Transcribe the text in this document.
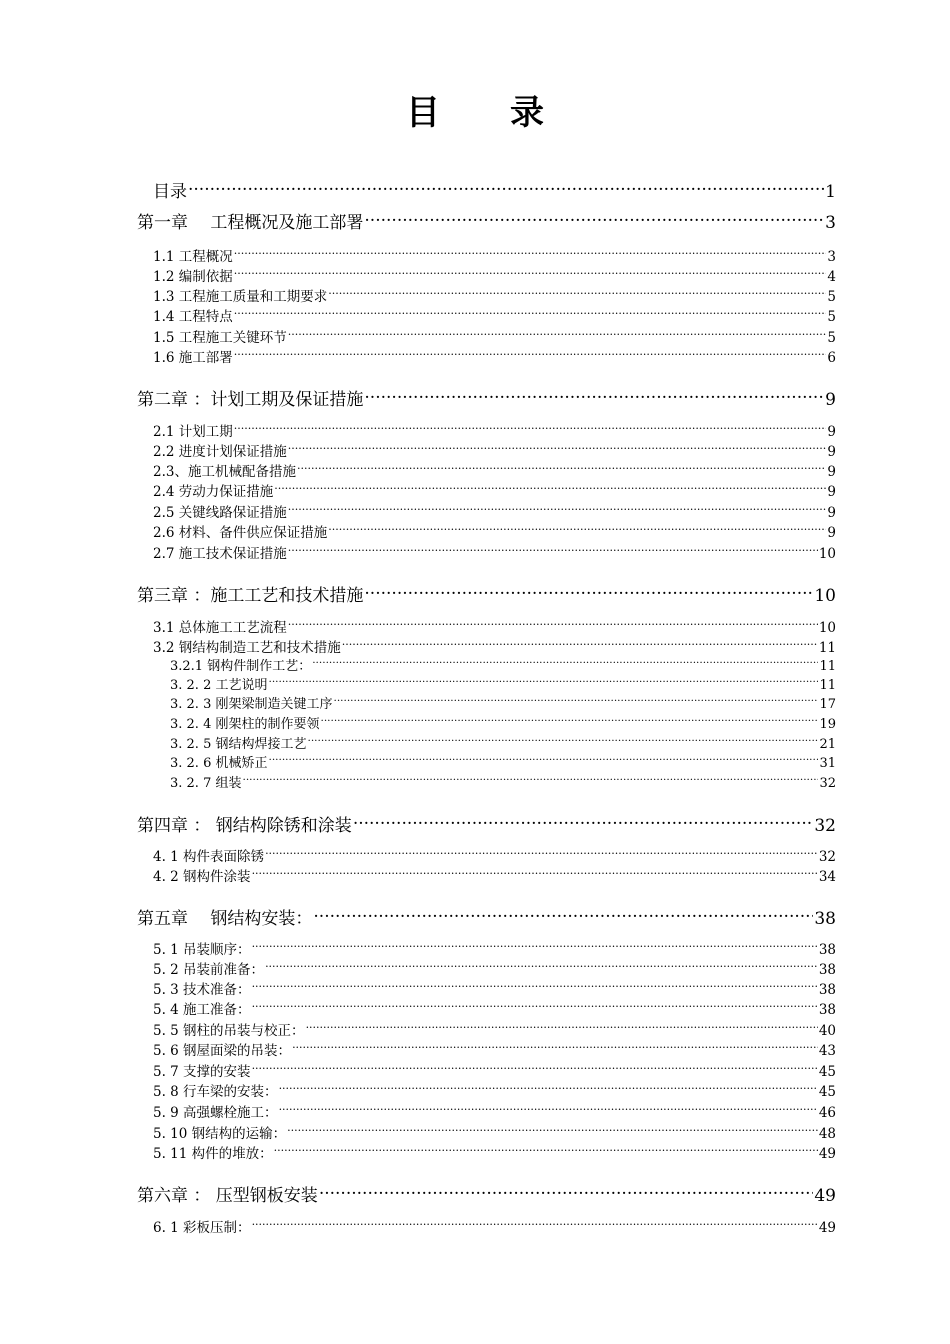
目 录
目录 .....	1
第一章　 工程概况及施工部署 .....	3
1.1 工程概况 .....	3
1.2 编制依据 .....	4
1.3 工程施工质量和工期要求 .....	5
1.4 工程特点 .....	5
1.5 工程施工关键环节 .....	5
1.6 施工部署 .....	6
第二章 ：计划工期及保证措施 .....	9
2.1 计划工期 .....	9
2.2 进度计划保证措施 .....	9
2.3、施工机械配备措施 .....	9
2.4 劳动力保证措施 .....	9
2.5 关键线路保证措施 .....	9
2.6 材料、备件供应保证措施 .....	9
2.7 施工技术保证措施 .....	10
第三章 ：施工工艺和技术措施 .....	10
3.1 总体施工工艺流程 .....	10
3.2 钢结构制造工艺和技术措施 .....	11
3.2.1 钢构件制作工艺： .....	11
3. 2. 2 工艺说明 .....	11
3. 2. 3 刚架梁制造关键工序 .....	17
3. 2. 4 刚架柱的制作要领 .....	19
3. 2. 5 钢结构焊接工艺 .....	21
3. 2. 6 机械矫正 .....	31
3. 2. 7 组装 .....	32
第四章 ： 钢结构除锈和涂装 .....	32
4. 1 构件表面除锈 .....	32
4. 2 钢构件涂装 .....	34
第五章　 钢结构安装： .....	38
5. 1 吊装顺序： .....	38
5. 2 吊装前准备： .....	38
5. 3 技术准备： .....	38
5. 4 施工准备： .....	38
5. 5 钢柱的吊装与校正： .....	40
5. 6 钢屋面梁的吊装： .....	43
5. 7 支撑的安装 .....	45
5. 8 行车梁的安装： .....	45
5. 9 高强螺栓施工： .....	46
5. 10 钢结构的运输： .....	48
5. 11 构件的堆放： .....	49
第六章 ： 压型钢板安装 .....	49
6. 1 彩板压制： .....	49
